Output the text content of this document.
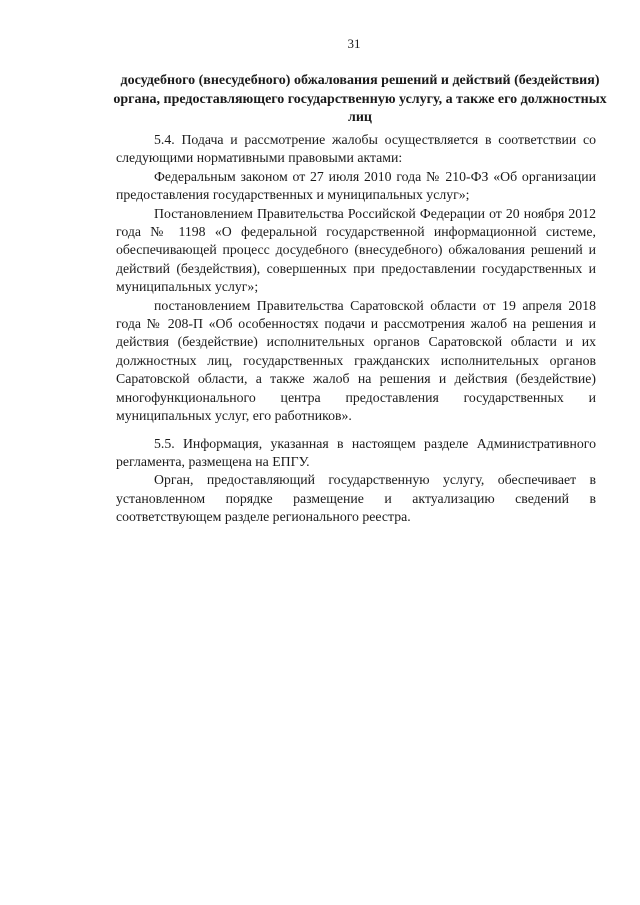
31
досудебного (внесудебного) обжалования решений и действий (бездействия) органа, предоставляющего государственную услугу, а также его должностных лиц

5.4. Подача и рассмотрение жалобы осуществляется в соответствии со следующими нормативными правовыми актами:

Федеральным законом от 27 июля 2010 года № 210-ФЗ «Об организации предоставления государственных и муниципальных услуг»;

Постановлением Правительства Российской Федерации от 20 ноября 2012 года № 1198 «О федеральной государственной информационной системе, обеспечивающей процесс досудебного (внесудебного) обжалования решений и действий (бездействия), совершенных при предоставлении государственных и муниципальных услуг»;

постановлением Правительства Саратовской области от 19 апреля 2018 года № 208-П «Об особенностях подачи и рассмотрения жалоб на решения и действия (бездействие) исполнительных органов Саратовской области и их должностных лиц, государственных гражданских исполнительных органов Саратовской области, а также жалоб на решения и действия (бездействие) многофункционального центра предоставления государственных и муниципальных услуг, его работников».

5.5. Информация, указанная в настоящем разделе Административного регламента, размещена на ЕПГУ.

Орган, предоставляющий государственную услугу, обеспечивает в установленном порядке размещение и актуализацию сведений в соответствующем разделе регионального реестра.
